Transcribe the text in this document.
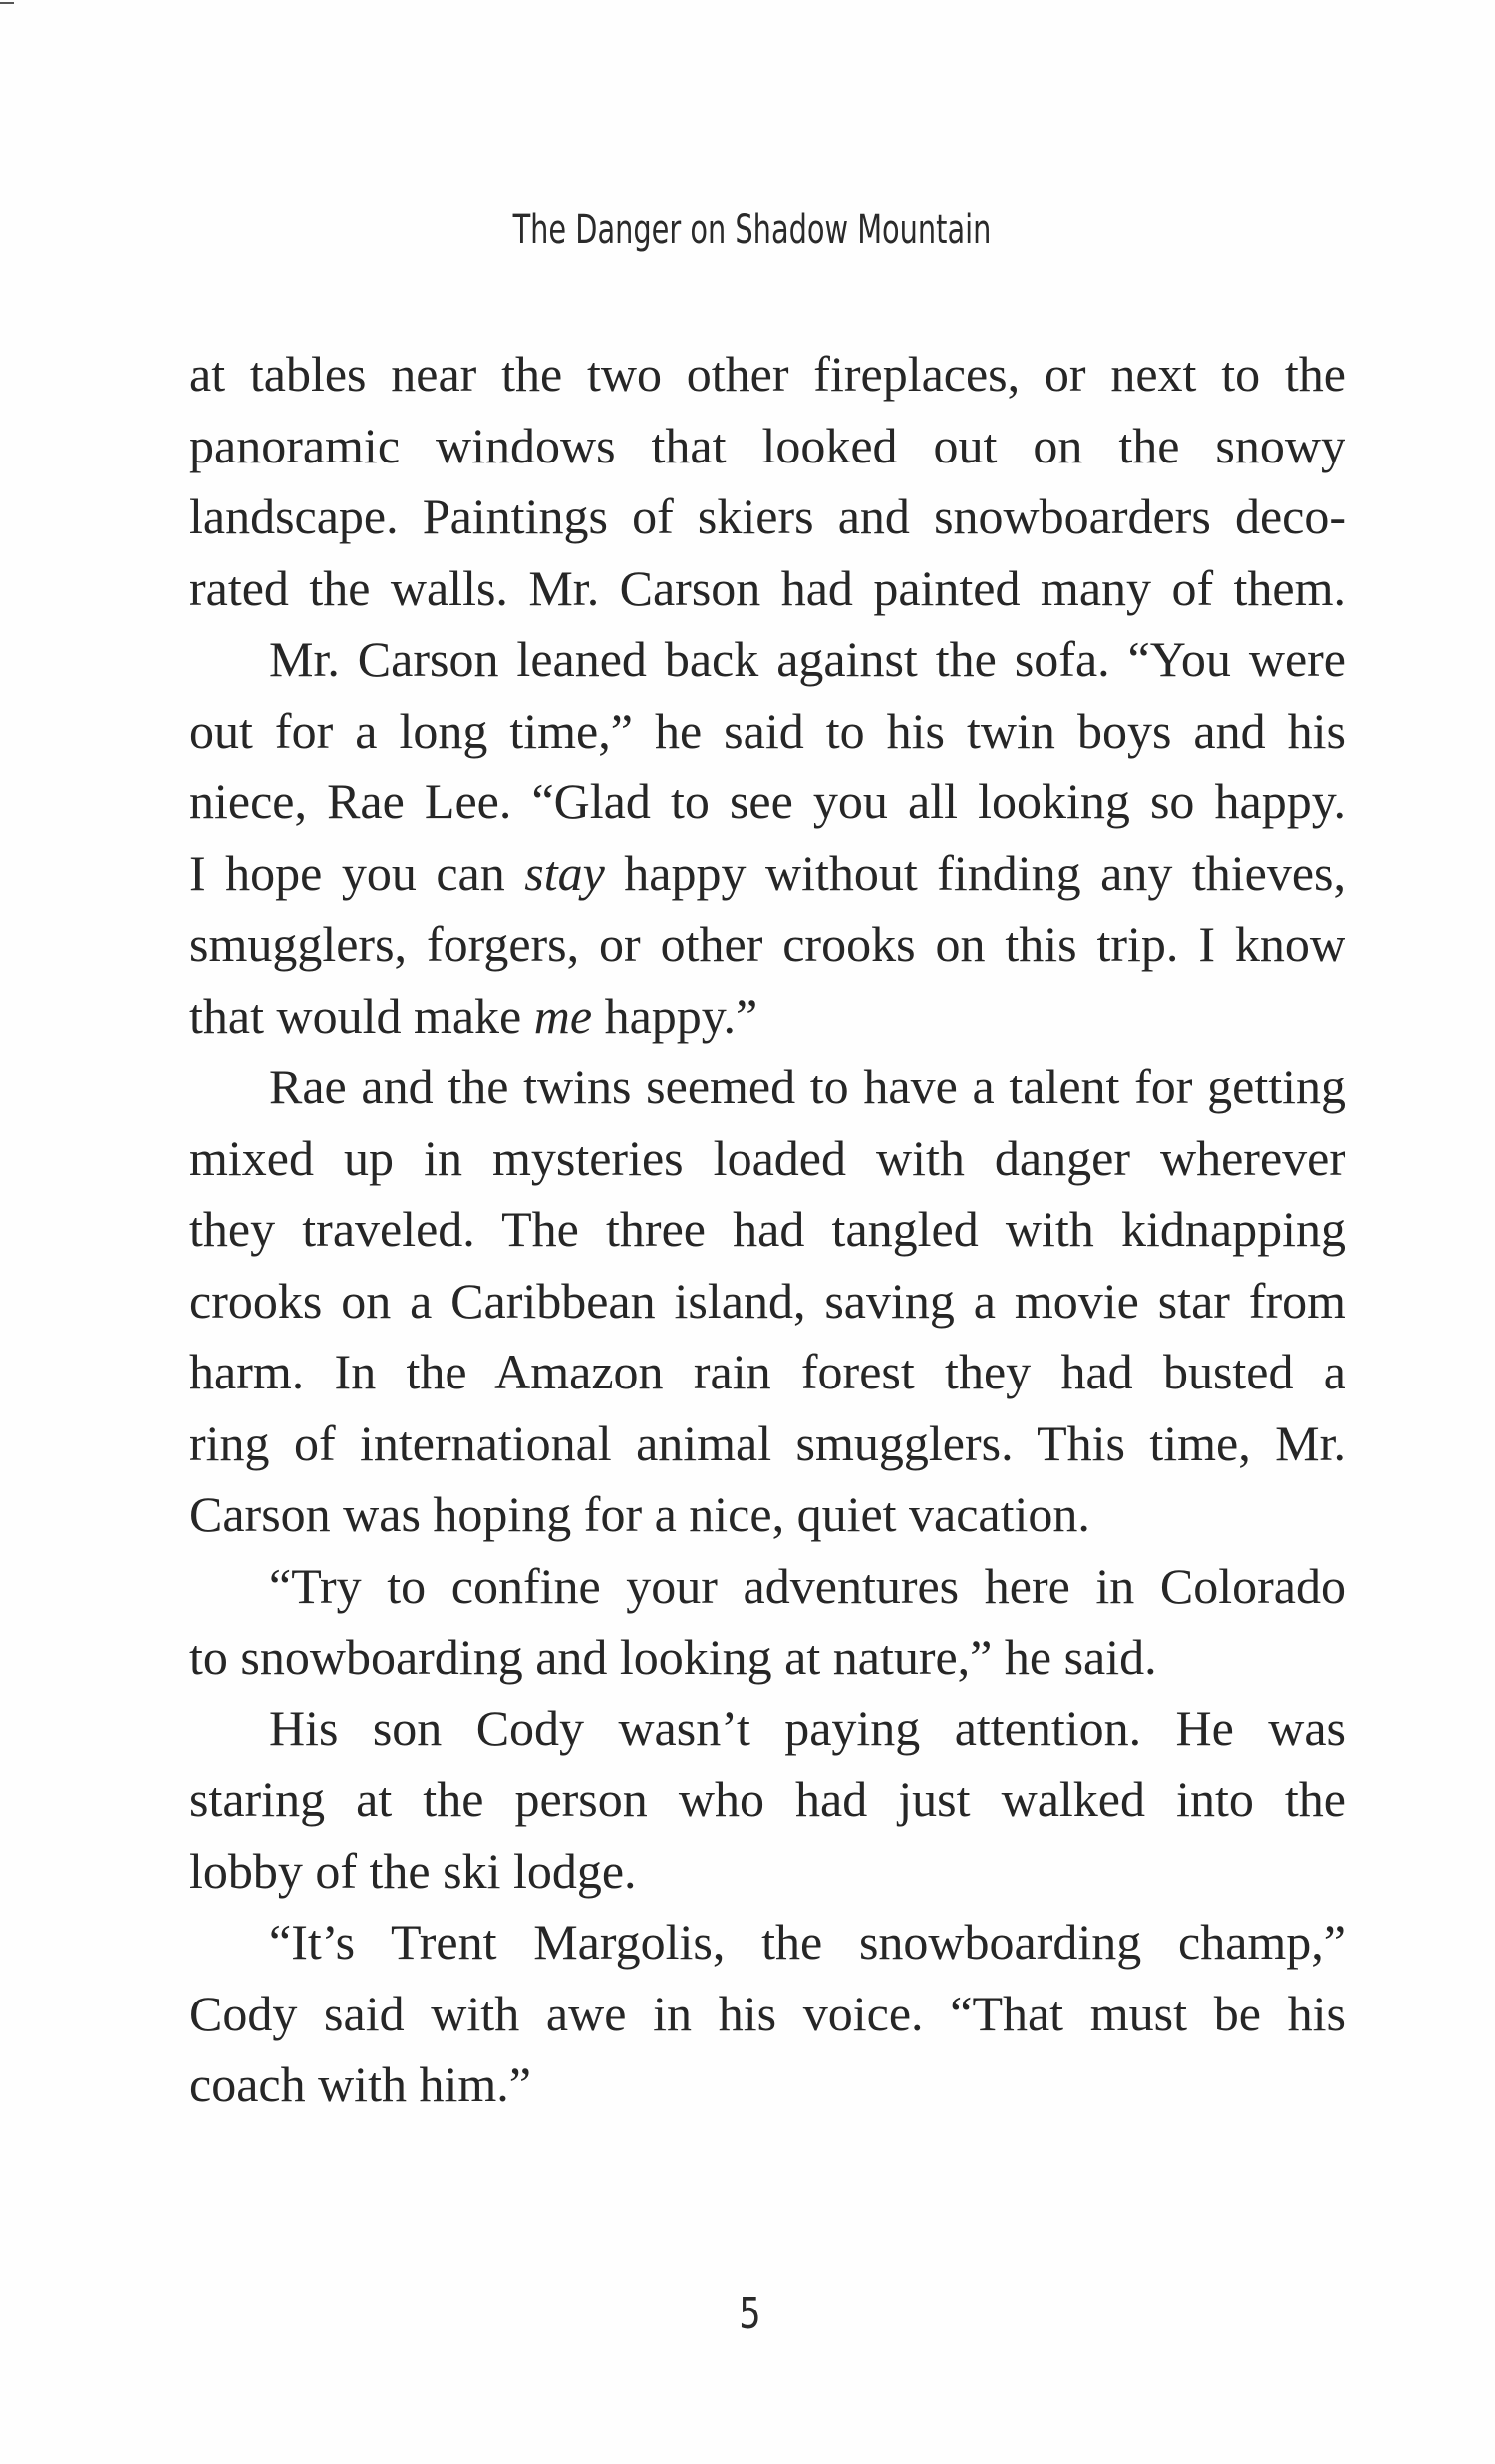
The Danger on Shadow Mountain
at tables near the two other fireplaces, or next to the
panoramic windows that looked out on the snowy
landscape. Paintings of skiers and snowboarders deco-
rated the walls. Mr. Carson had painted many of them.
Mr. Carson leaned back against the sofa. “You were
out for a long time,” he said to his twin boys and his
niece, Rae Lee. “Glad to see you all looking so happy.
I hope you can stay happy without finding any thieves,
smugglers, forgers, or other crooks on this trip. I know
that would make me happy.”
Rae and the twins seemed to have a talent for getting
mixed up in mysteries loaded with danger wherever
they traveled. The three had tangled with kidnapping
crooks on a Caribbean island, saving a movie star from
harm. In the Amazon rain forest they had busted a
ring of international animal smugglers. This time, Mr.
Carson was hoping for a nice, quiet vacation.
“Try to confine your adventures here in Colorado
to snowboarding and looking at nature,” he said.
His son Cody wasn’t paying attention. He was
staring at the person who had just walked into the
lobby of the ski lodge.
“It’s Trent Margolis, the snowboarding champ,”
Cody said with awe in his voice. “That must be his
coach with him.”
5
